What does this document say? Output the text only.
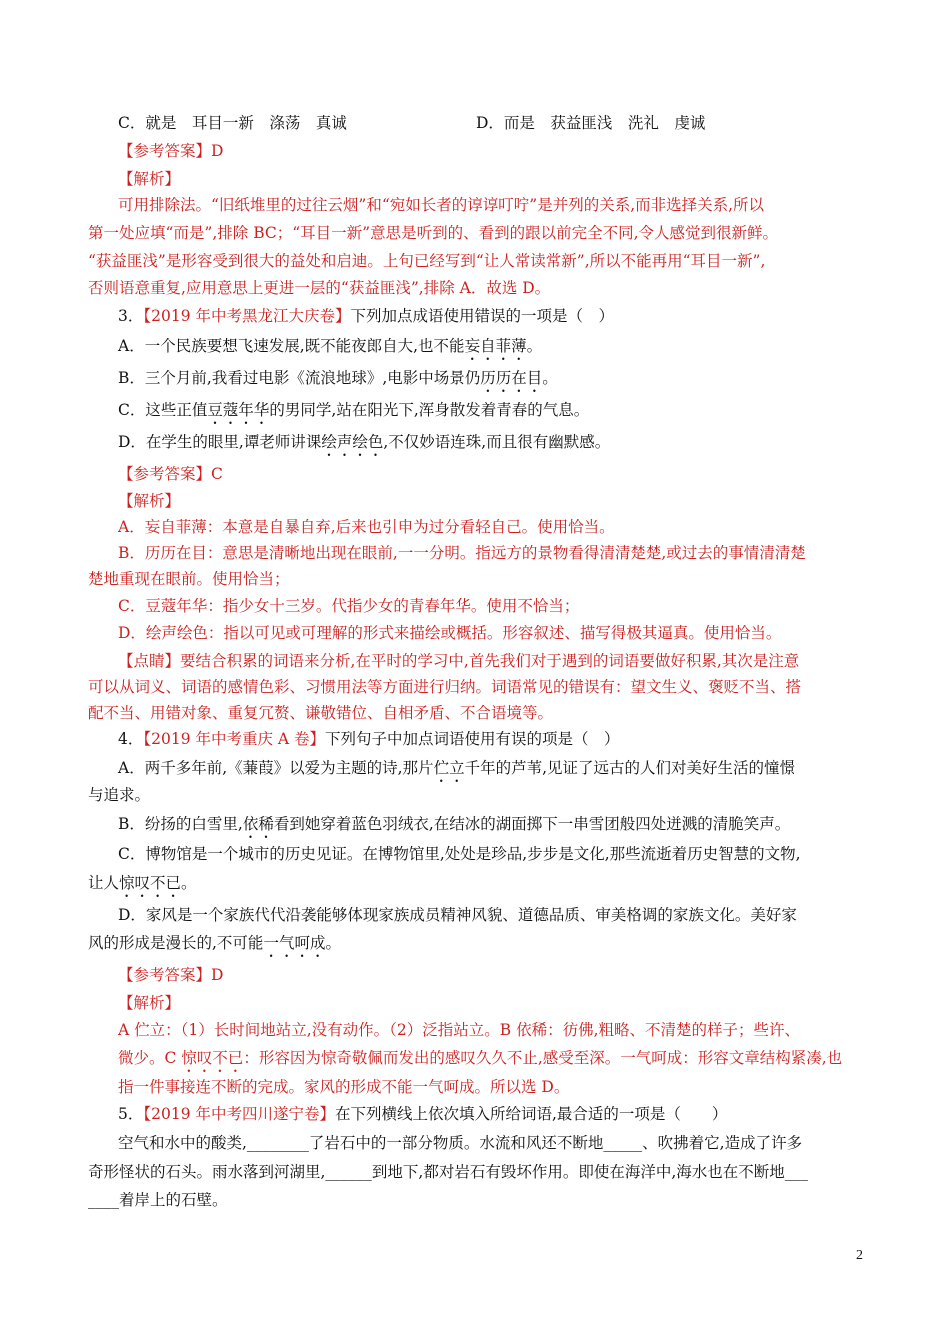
C．就是　耳目一新　涤荡　真诚	D．而是　获益匪浅　洗礼　虔诚
【参考答案】D
【解析】
可用排除法。“旧纸堆里的过往云烟”和“宛如长者的谆谆叮咛”是并列的关系,而非选择关系,所以
第一处应填“而是”,排除 BC；“耳目一新”意思是听到的、看到的跟以前完全不同,令人感觉到很新鲜。
“获益匪浅”是形容受到很大的益处和启迪。上句已经写到“让人常读常新”,所以不能再用“耳目一新”,
否则语意重复,应用意思上更进一层的“获益匪浅”,排除 A．故选 D。
3．【2019 年中考黑龙江大庆卷】下列加点成语使用错误的一项是（　）
A．一个民族要想飞速发展,既不能夜郎自大,也不能妄自菲薄。
B．三个月前,我看过电影《流浪地球》,电影中场景仍历历在目。
C．这些正值豆蔻年华的男同学,站在阳光下,浑身散发着青春的气息。
D．在学生的眼里,谭老师讲课绘声绘色,不仅妙语连珠,而且很有幽默感。
【参考答案】C
【解析】
A．妄自菲薄：本意是自暴自弃,后来也引申为过分看轻自己。使用恰当。
B．历历在目：意思是清晰地出现在眼前,一一分明。指远方的景物看得清清楚楚,或过去的事情清清楚
楚地重现在眼前。使用恰当；
C．豆蔻年华：指少女十三岁。代指少女的青春年华。使用不恰当；
D．绘声绘色：指以可见或可理解的形式来描绘或概括。形容叙述、描写得极其逼真。使用恰当。
【点睛】要结合积累的词语来分析,在平时的学习中,首先我们对于遇到的词语要做好积累,其次是注意
可以从词义、词语的感情色彩、习惯用法等方面进行归纳。词语常见的错误有：望文生义、褒贬不当、搭
配不当、用错对象、重复冗赘、谦敬错位、自相矛盾、不合语境等。
4．【2019 年中考重庆 A 卷】下列句子中加点词语使用有误的项是（　）
A．两千多年前,《蒹葭》以爱为主题的诗,那片伫立千年的芦苇,见证了远古的人们对美好生活的憧憬
与追求。
B．纷扬的白雪里,依稀看到她穿着蓝色羽绒衣,在结冰的湖面掷下一串雪团般四处迸溅的清脆笑声。
C．博物馆是一个城市的历史见证。在博物馆里,处处是珍品,步步是文化,那些流逝着历史智慧的文物,
让人惊叹不已。
D．家风是一个家族代代沿袭能够体现家族成员精神风貌、道德品质、审美格调的家族文化。美好家
风的形成是漫长的,不可能一气呵成。
【参考答案】D
【解析】
A 伫立：（1）长时间地站立,没有动作。（2）泛指站立。B 依稀：彷佛,粗略、不清楚的样子；些许、
微少。C 惊叹不已：形容因为惊奇敬佩而发出的感叹久久不止,感受至深。一气呵成：形容文章结构紧凑,也
指一件事接连不断的完成。家风的形成不能一气呵成。所以选 D。
5．【2019 年中考四川遂宁卷】在下列横线上依次填入所给词语,最合适的一项是（　　）
空气和水中的酸类,________了岩石中的一部分物质。水流和风还不断地_____、吹拂着它,造成了许多
奇形怪状的石头。雨水落到河湖里,______到地下,都对岩石有毁坏作用。即使在海洋中,海水也在不断地___
____着岸上的石壁。
2
